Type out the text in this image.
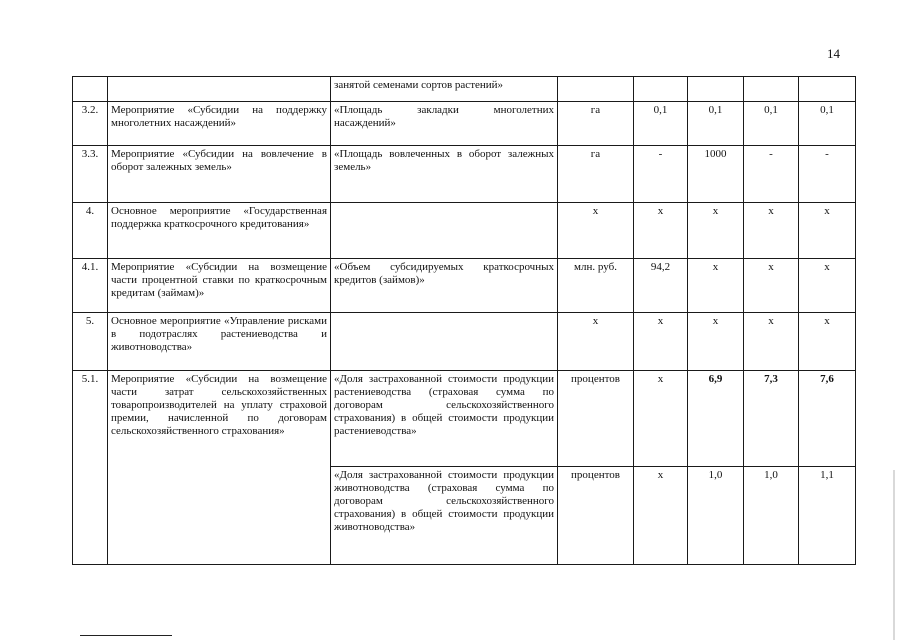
14
		занятой семенами сортов растений»					
3.2.	Мероприятие «Субсидии на поддержку многолетних насаждений»	«Площадь закладки многолетних насаждений»	га	0,1	0,1	0,1	0,1
3.3.	Мероприятие «Субсидии на вовлечение в оборот залежных земель»	«Площадь вовлеченных в оборот залежных земель»	га	-	1000	-	-
4.	Основное мероприятие «Государственная поддержка краткосрочного кредитования»		х	х	х	х	х
4.1.	Мероприятие «Субсидии на возмещение части процентной ставки по краткосрочным кредитам (займам)»	«Объем субсидируемых краткосрочных кредитов (займов)»	млн. руб.	94,2	х	х	х
5.	Основное мероприятие «Управление рисками в подотраслях растениеводства и животноводства»		х	х	х	х	х
5.1.	Мероприятие «Субсидии на возмещение части затрат сельскохозяйственных товаропроизводителей на уплату страховой премии, начисленной по договорам сельскохозяйственного страхования»	«Доля застрахованной стоимости продукции растениеводства (страховая сумма по договорам сельскохозяйственного страхования) в общей стоимости продукции растениеводства»	процентов	х	6,9	7,3	7,6
		«Доля застрахованной стоимости продукции животноводства (страховая сумма по договорам сельскохозяйственного страхования) в общей стоимости продукции животноводства»	процентов	х	1,0	1,0	1,1
